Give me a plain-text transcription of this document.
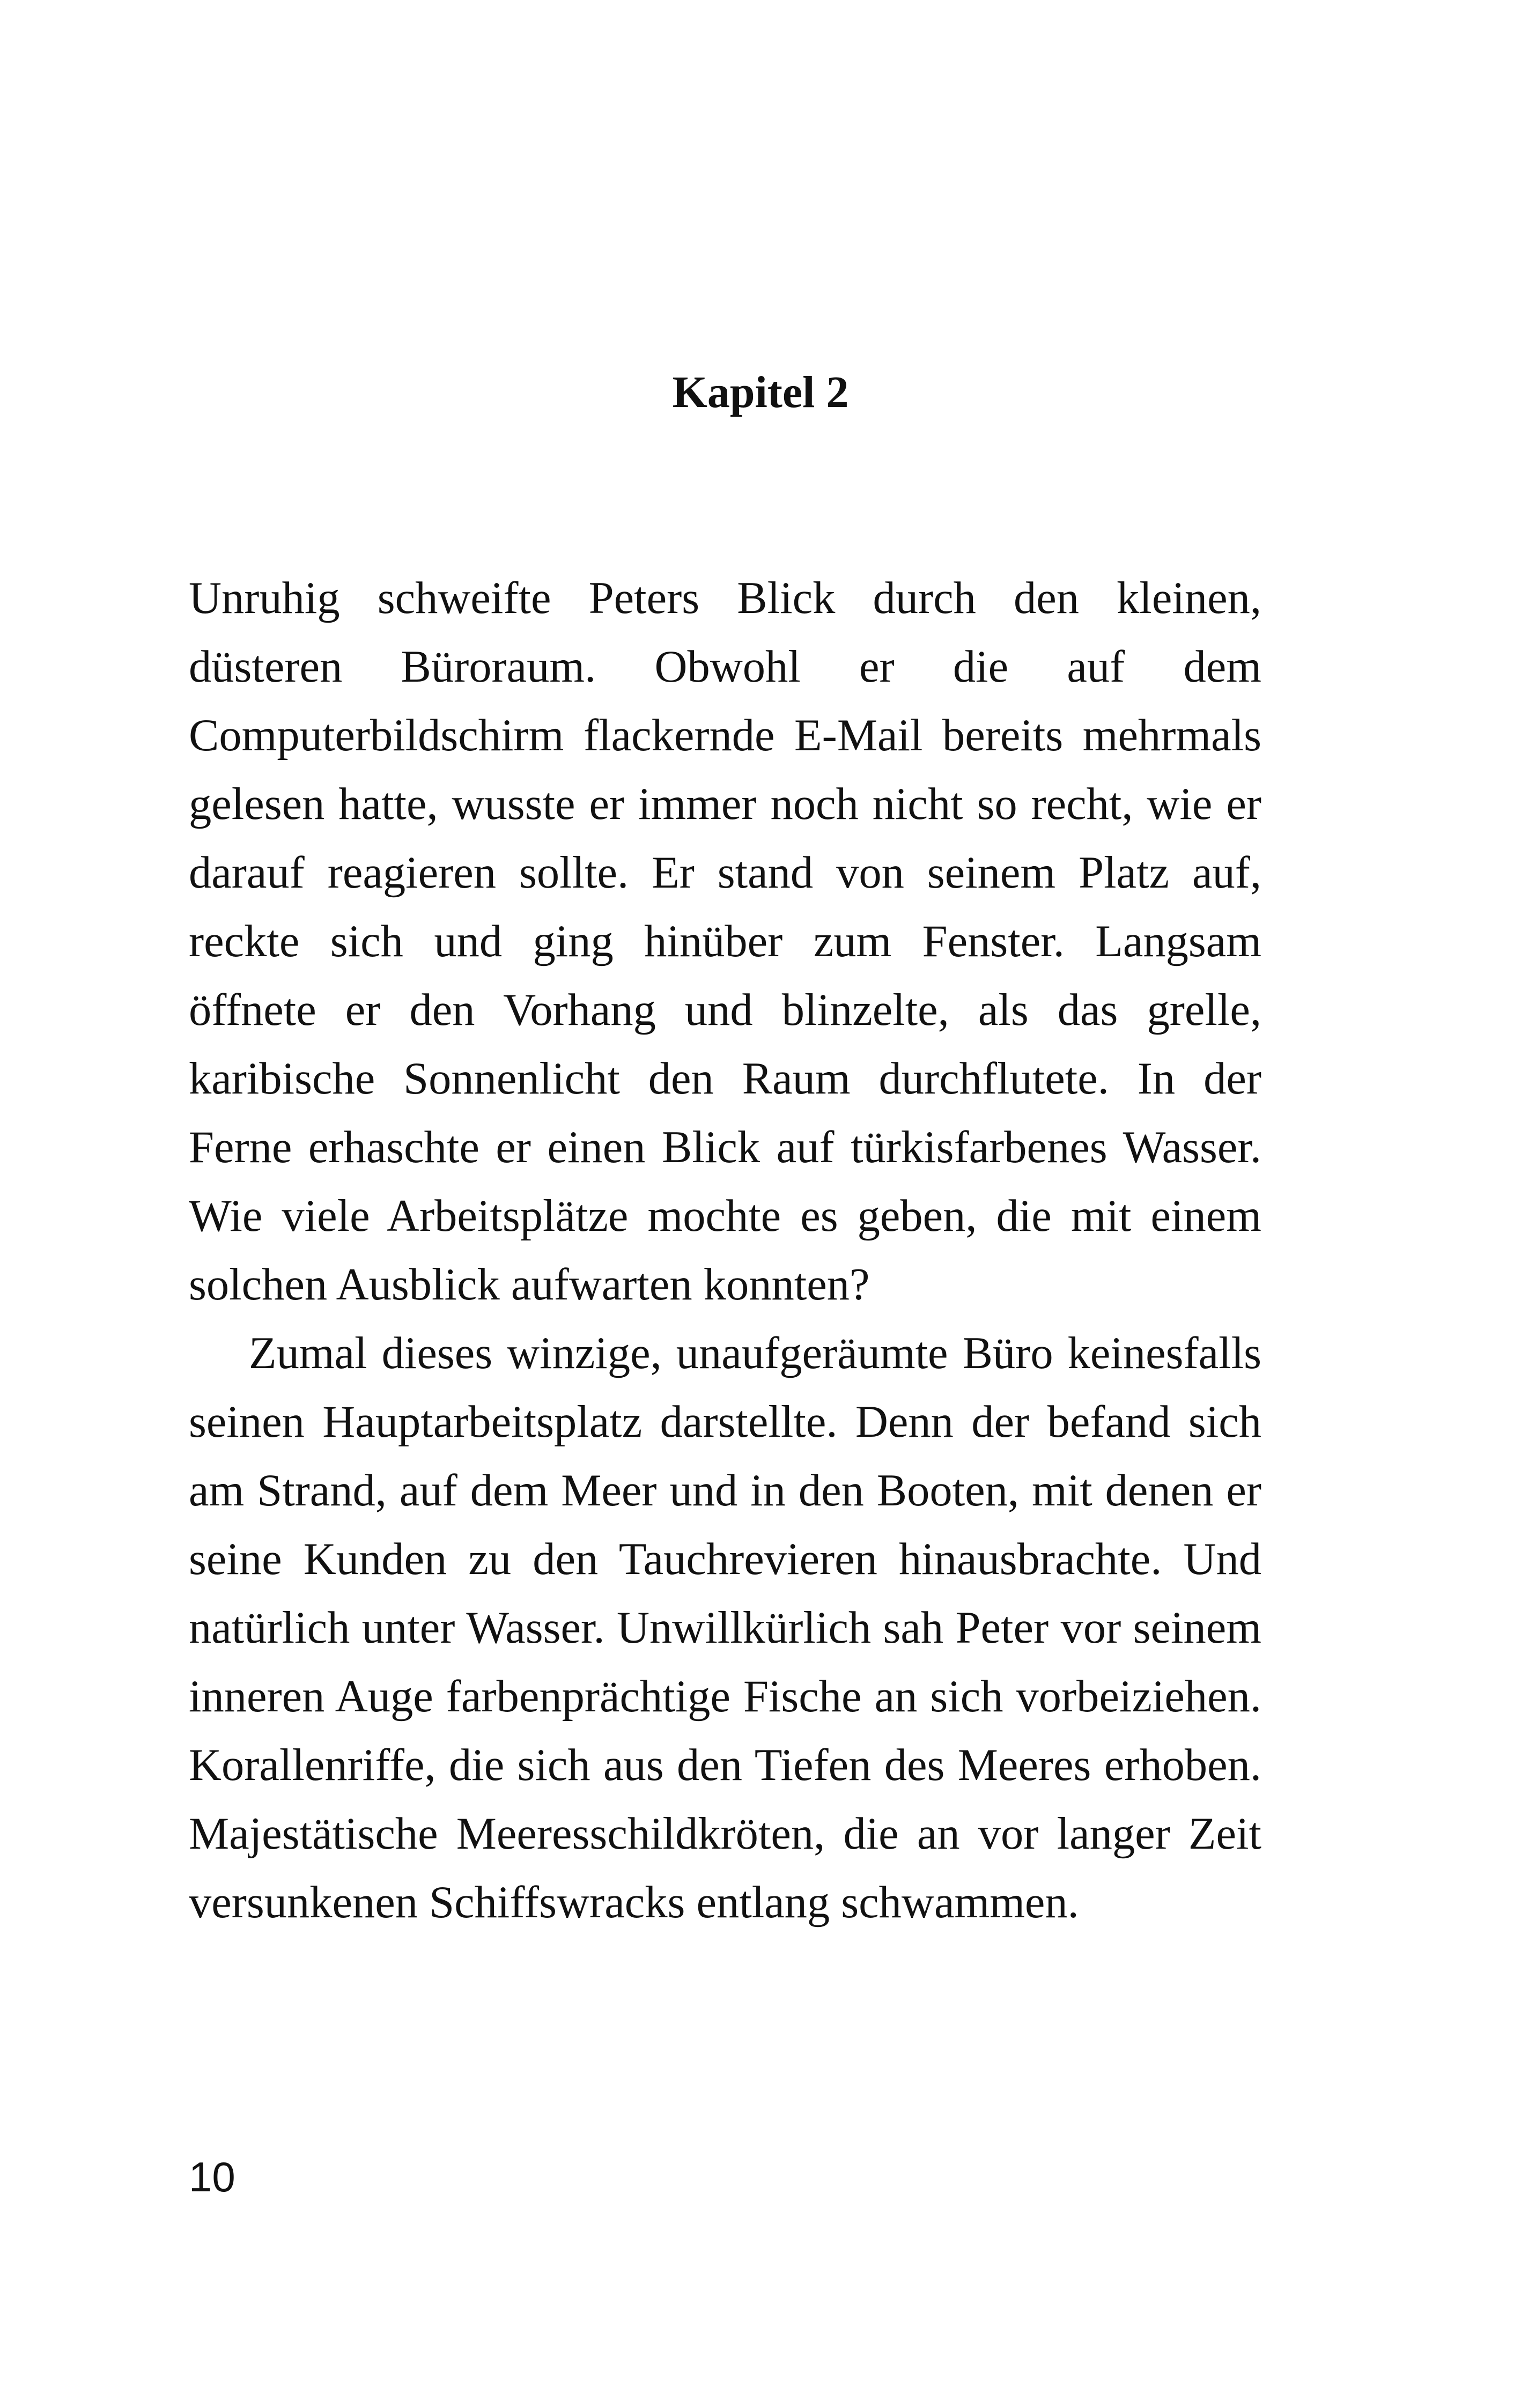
Kapitel 2

Unruhig schweifte Peters Blick durch den kleinen, düsteren Büroraum. Obwohl er die auf dem Computerbildschirm flackernde E-Mail bereits mehrmals gelesen hatte, wusste er immer noch nicht so recht, wie er darauf reagieren sollte. Er stand von seinem Platz auf, reckte sich und ging hinüber zum Fenster. Langsam öffnete er den Vorhang und blinzelte, als das grelle, karibische Sonnenlicht den Raum durchflutete. In der Ferne erhaschte er einen Blick auf türkisfarbenes Wasser. Wie viele Arbeitsplätze mochte es geben, die mit einem solchen Ausblick aufwarten konnten?

Zumal dieses winzige, unaufgeräumte Büro keinesfalls seinen Hauptarbeitsplatz darstellte. Denn der befand sich am Strand, auf dem Meer und in den Booten, mit denen er seine Kunden zu den Tauchrevieren hinausbrachte. Und natürlich unter Wasser. Unwillkürlich sah Peter vor seinem inneren Auge farbenprächtige Fische an sich vorbeiziehen. Korallenriffe, die sich aus den Tiefen des Meeres erhoben. Majestätische Meeresschildkröten, die an vor langer Zeit versunkenen Schiffswracks entlang schwammen.

10
